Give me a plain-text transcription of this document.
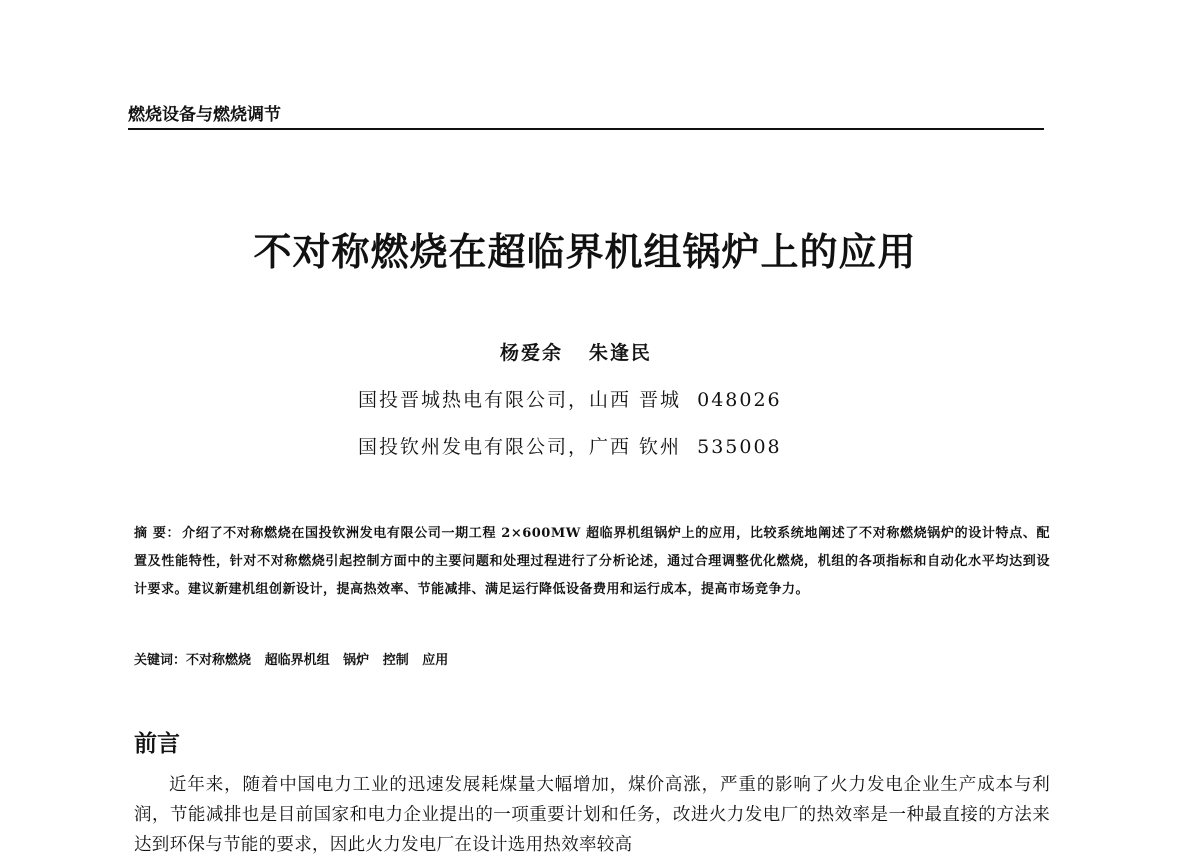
燃烧设备与燃烧调节
不对称燃烧在超临界机组锅炉上的应用
杨爱余   朱逢民
国投晋城热电有限公司，山西 晋城  048026
国投钦州发电有限公司，广西 钦州  535008
摘 要： 介绍了不对称燃烧在国投钦洲发电有限公司一期工程 2×600MW 超临界机组锅炉上的应用，比较系统地阐述了不对称燃烧锅炉的设计特点、配置及性能特性，针对不对称燃烧引起控制方面中的主要问题和处理过程进行了分析论述，通过合理调整优化燃烧，机组的各项指标和自动化水平均达到设计要求。建议新建机组创新设计，提高热效率、节能减排、满足运行降低设备费用和运行成本，提高市场竞争力。
关键词：不对称燃烧   超临界机组   锅炉   控制   应用
前言
近年来，随着中国电力工业的迅速发展耗煤量大幅增加，煤价高涨，严重的影响了火力发电企业生产成本与利润，节能减排也是目前国家和电力企业提出的一项重要计划和任务，改进火力发电厂的热效率是一种最直接的方法来达到环保与节能的要求，因此火力发电厂在设计选用热效率较高
